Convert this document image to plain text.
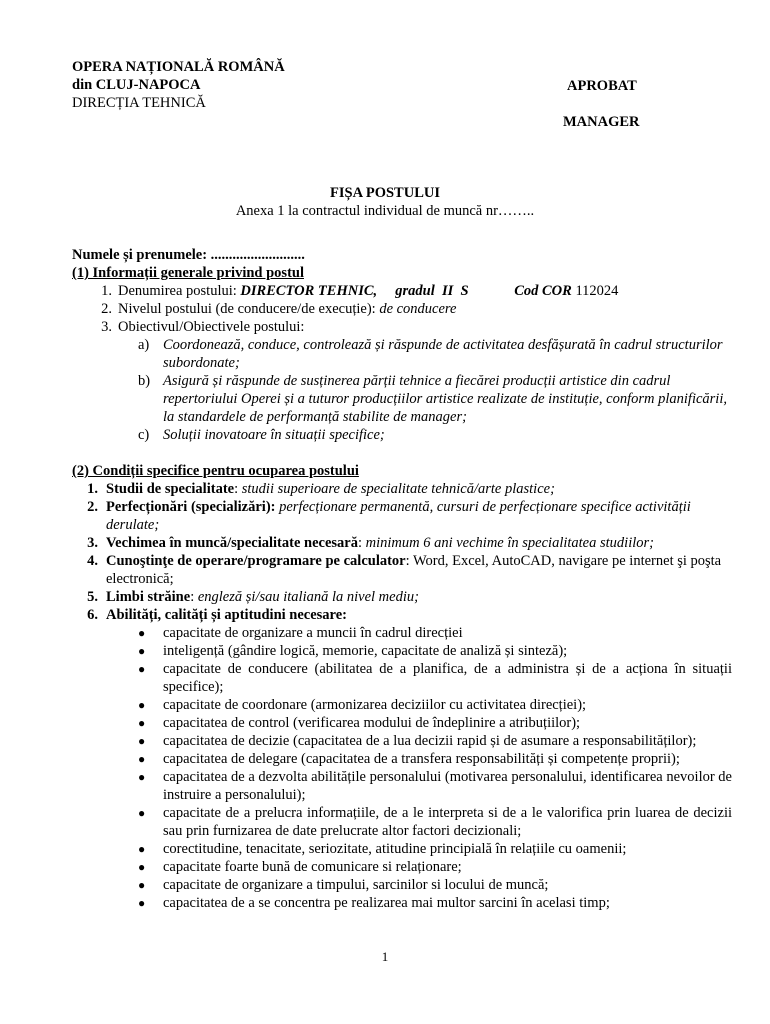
OPERA NAȚIONALĂ ROMÂNĂ
din CLUJ-NAPOCA
DIRECȚIA TEHNICĂ
APROBAT
MANAGER
FIȘA POSTULUI
Anexa 1 la contractul individual de muncă nr……..
Numele și prenumele: ..........................
(1) Informații generale privind postul
1. Denumirea postului: DIRECTOR TEHNIC,     gradul  II  S	Cod COR 112024
2. Nivelul postului (de conducere/de execuție): de conducere
3. Obiectivul/Obiectivele postului:
a) Coordonează, conduce, controlează și răspunde de activitatea desfășurată în cadrul structurilor subordonate;
b) Asigură și răspunde de susținerea părții tehnice a fiecărei producții artistice din cadrul repertoriului Operei și a tuturor producțiilor artistice realizate de instituție, conform planificării, la standardele de performanță stabilite de manager;
c) Soluții inovatoare în situații specifice;
(2) Condiții specifice pentru ocuparea postului
1. Studii de specialitate: studii superioare de specialitate tehnică/arte plastice;
2. Perfecționări (specializări): perfecționare permanentă, cursuri de perfecționare specifice activității derulate;
3. Vechimea în muncă/specialitate necesară: minimum 6 ani vechime în specialitatea studiilor;
4. Cunoştinţe de operare/programare pe calculator: Word, Excel, AutoCAD, navigare pe internet şi poşta electronică;
5. Limbi străine: engleză și/sau italiană la nivel mediu;
6. Abilități, calități și aptitudini necesare:
●	capacitate de organizare a muncii în cadrul direcției
●	inteligență (gândire logică, memorie, capacitate de analiză și sinteză);
●	capacitate de conducere (abilitatea de a planifica, de a administra și de a acționa în situații specifice);
●	capacitate de coordonare (armonizarea deciziilor cu activitatea direcției);
●	capacitatea de control (verificarea modului de îndeplinire a atribuțiilor);
●	capacitatea de decizie (capacitatea de a lua decizii rapid și de asumare a responsabilităților);
●	capacitatea de delegare (capacitatea de a transfera responsabilități și competențe proprii);
●	capacitatea de a dezvolta abilitățile personalului (motivarea personalului, identificarea nevoilor de instruire a personalului);
●	capacitate de a prelucra informațiile, de a le interpreta si de a le valorifica prin luarea de decizii sau prin furnizarea de date prelucrate altor factori decizionali;
●	corectitudine, tenacitate, seriozitate, atitudine principială în relațiile cu oamenii;
●	capacitate foarte bună de comunicare si relaționare;
●	capacitate de organizare a timpului, sarcinilor si locului de muncă;
●	capacitatea de a se concentra pe realizarea mai multor sarcini în acelasi timp;
1
